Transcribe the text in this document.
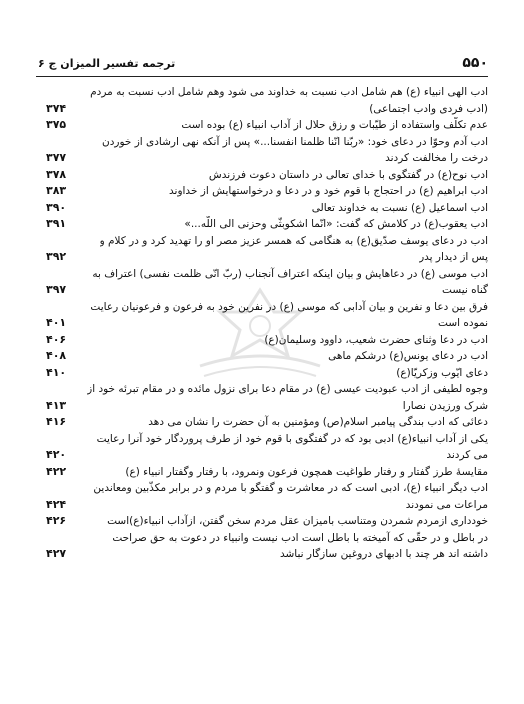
ترجمه تفسیر المیزان ج ۶	۵۵۰
ادب الهی انبیاء (ع) هم شامل ادب نسبت به خداوند می شود وهم شامل ادب نسبت به مردم
(ادب فردی وادب اجتماعی)
۳۷۴
عدم تکلّف واستفاده از طیّبات و رزق حلال از آداب انبیاء (ع) بوده است
۳۷۵
ادب آدم وحوّا در دعای خود: «ربّنا انّنا ظلمنا انفسنا...» پس از آنکه نهی ارشادی از خوردن
درخت را مخالفت کردند
۳۷۷
ادب نوح(ع) در گفتگوی با خدای تعالی در داستان دعوت فرزندش
۳۷۸
ادب ابراهیم (ع) در احتجاج با قوم خود و در دعا و درخواستهایش از خداوند
۳۸۳
ادب اسماعیل (ع) نسبت به خداوند تعالی
۳۹۰
ادب یعقوب(ع) در کلامش که گفت: «انّما اشکوبثّی وحزنی الی اللّه...»
۳۹۱
ادب در دعای یوسف صدّیق(ع) به هنگامی که همسر عزیز مصر او را تهدید کرد و در کلام و
پس از دیدار پدر
۳۹۲
ادب موسی (ع) در دعاهایش و بیان اینکه اعتراف آنجناب (ربّ انّی ظلمت نفسی) اعتراف به
گناه نیست
۳۹۷
فرق بین دعا و نفرین و بیان آدابی که موسی (ع) در نفرین خود به فرعون و فرعونیان رعایت
نموده است
۴۰۱
ادب در دعا وثنای حضرت شعیب، داوود وسلیمان(ع)
۴۰۶
ادب در دعای یونس(ع) درشکم ماهی
۴۰۸
دعای ایّوب وزکریّا(ع)
۴۱۰
وجوه لطیفی از ادب عبودیت عیسی (ع) در مقام دعا برای نزول مائده و در مقام تبرئه خود از
شرک ورزیدن نصارا
۴۱۳
دعائی که ادب بندگی پیامبر اسلام(ص) ومؤمنین به آن حضرت را نشان می دهد
۴۱۶
یکی از آداب انبیاء(ع) ادبی بود که در گفتگوی با قوم خود از طرف پروردگار خود آنرا رعایت
می کردند
۴۲۰
مقایسهٔ طرز گفتار و رفتار طواغیت همچون فرعون ونمرود، با رفتار وگفتار انبیاء (ع)
۴۲۲
ادب دیگر انبیاء (ع)، ادبی است که در معاشرت و گفتگو با مردم و در برابر مکذّبین ومعاندین
مراعات می نمودند
۴۲۴
خودداری ازمردم شمردن ومتناسب باميزان عقل مردم سخن گفتن، ازآداب انبياء(ع)است
۴۲۶
در باطل و در حقّی که آمیخته با باطل است ادب نیست وانبیاء در دعوت به حق صراحت
داشته اند هر چند با ادبهای دروغین سازگار نباشد
۴۲۷
